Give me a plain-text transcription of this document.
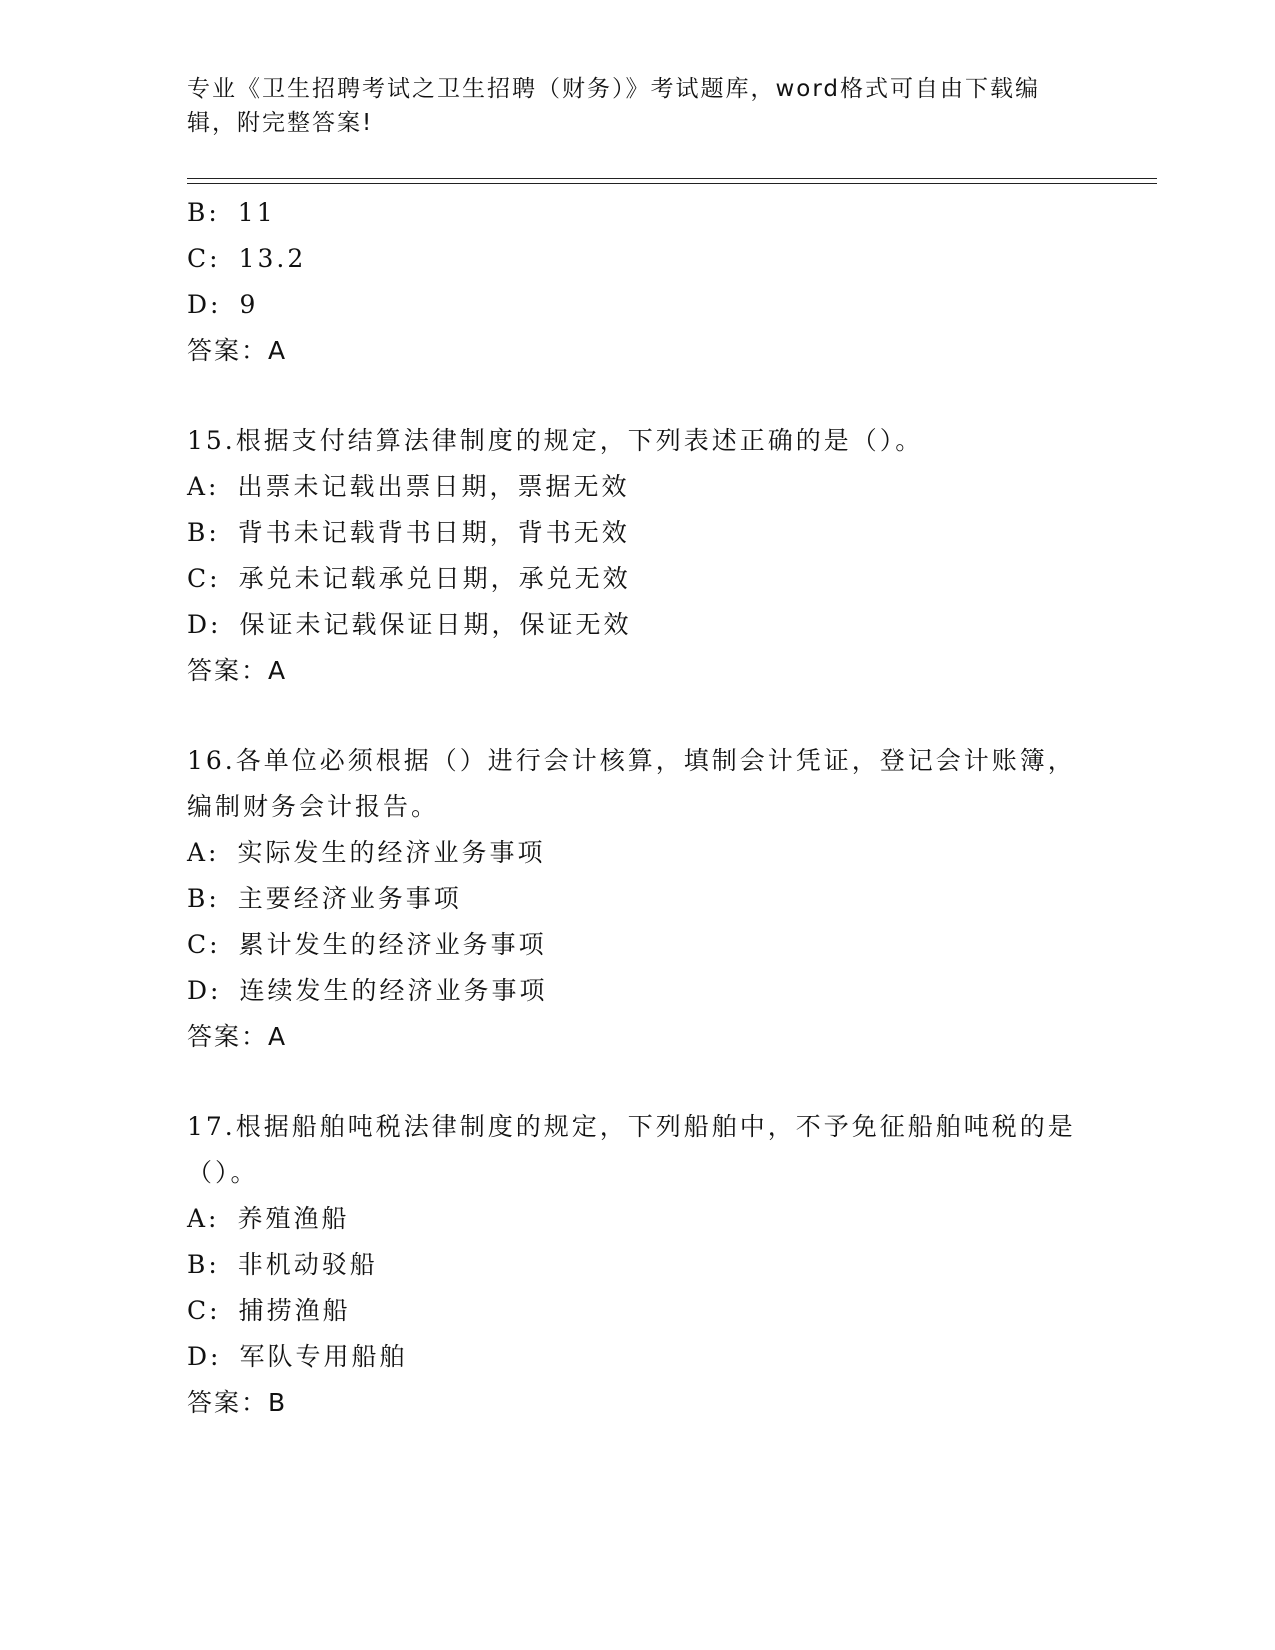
专业《卫生招聘考试之卫生招聘（财务）》考试题库，word格式可自由下载编辑，附完整答案!
B: 11
C: 13.2
D: 9
答案：A
15.根据支付结算法律制度的规定，下列表述正确的是（）。
A: 出票未记载出票日期，票据无效
B: 背书未记载背书日期，背书无效
C: 承兑未记载承兑日期，承兑无效
D: 保证未记载保证日期，保证无效
答案：A
16.各单位必须根据（）进行会计核算，填制会计凭证，登记会计账簿，编制财务会计报告。
A: 实际发生的经济业务事项
B: 主要经济业务事项
C: 累计发生的经济业务事项
D: 连续发生的经济业务事项
答案：A
17.根据船舶吨税法律制度的规定，下列船舶中，不予免征船舶吨税的是（）。
A: 养殖渔船
B: 非机动驳船
C: 捕捞渔船
D: 军队专用船舶
答案：B
